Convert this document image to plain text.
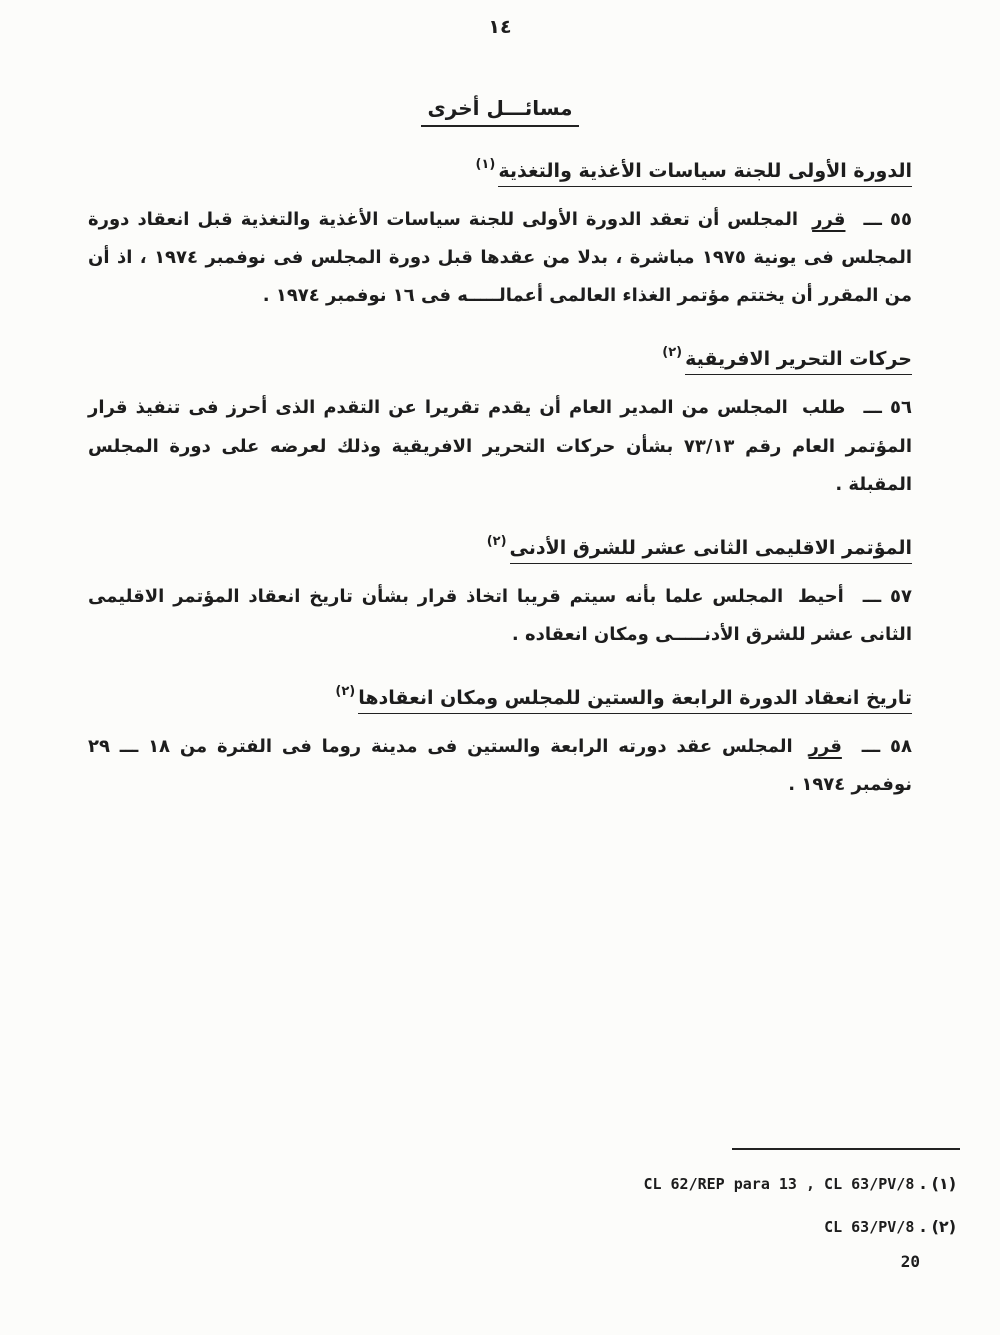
١٤
مسائـــل أخرى
الدورة الأولى للجنة سياسات الأغذية والتغذية$^{(١)}$

٥٥ ـــ قرر المجلس أن تعقد الدورة الأولى للجنة سياسات الأغذية والتغذية قبل انعقاد دورة المجلس فى يونية ١٩٧٥ مباشرة ، بدلا من عقدها قبل دورة المجلس فى نوفمبر ١٩٧٤ ، اذ أن من المقرر أن يختتم مؤتمر الغذاء العالمى أعمالـــــه فى ١٦ نوفمبر ١٩٧٤ .

حركات التحرير الافريقية$^{(٢)}$

٥٦ ـــ طلب المجلس من المدير العام أن يقدم تقريرا عن التقدم الذى أحرز فى تنفيذ قرار المؤتمر العام رقم ٧٣/١٣ بشأن حركات التحرير الافريقية وذلك لعرضه على دورة المجلس المقبلة .

المؤتمر الاقليمى الثانى عشر للشرق الأدنى$^{(٢)}$

٥٧ ـــ أحيط المجلس علما بأنه سيتم قريبا اتخاذ قرار بشأن تاريخ انعقاد المؤتمر الاقليمى الثانى عشر للشرق الأدنـــــى ومكان انعقاده .

تاريخ انعقاد الدورة الرابعة والستين للمجلس ومكان انعقادها$^{(٢)}$

٥٨ ـــ قرر المجلس عقد دورته الرابعة والستين فى مدينة روما فى الفترة من ١٨ ـــ ٢٩ نوفمبر ١٩٧٤ .

(١) . CL 62/REP para 13 , CL 63/PV/8
(٢) . CL 63/PV/8
20
